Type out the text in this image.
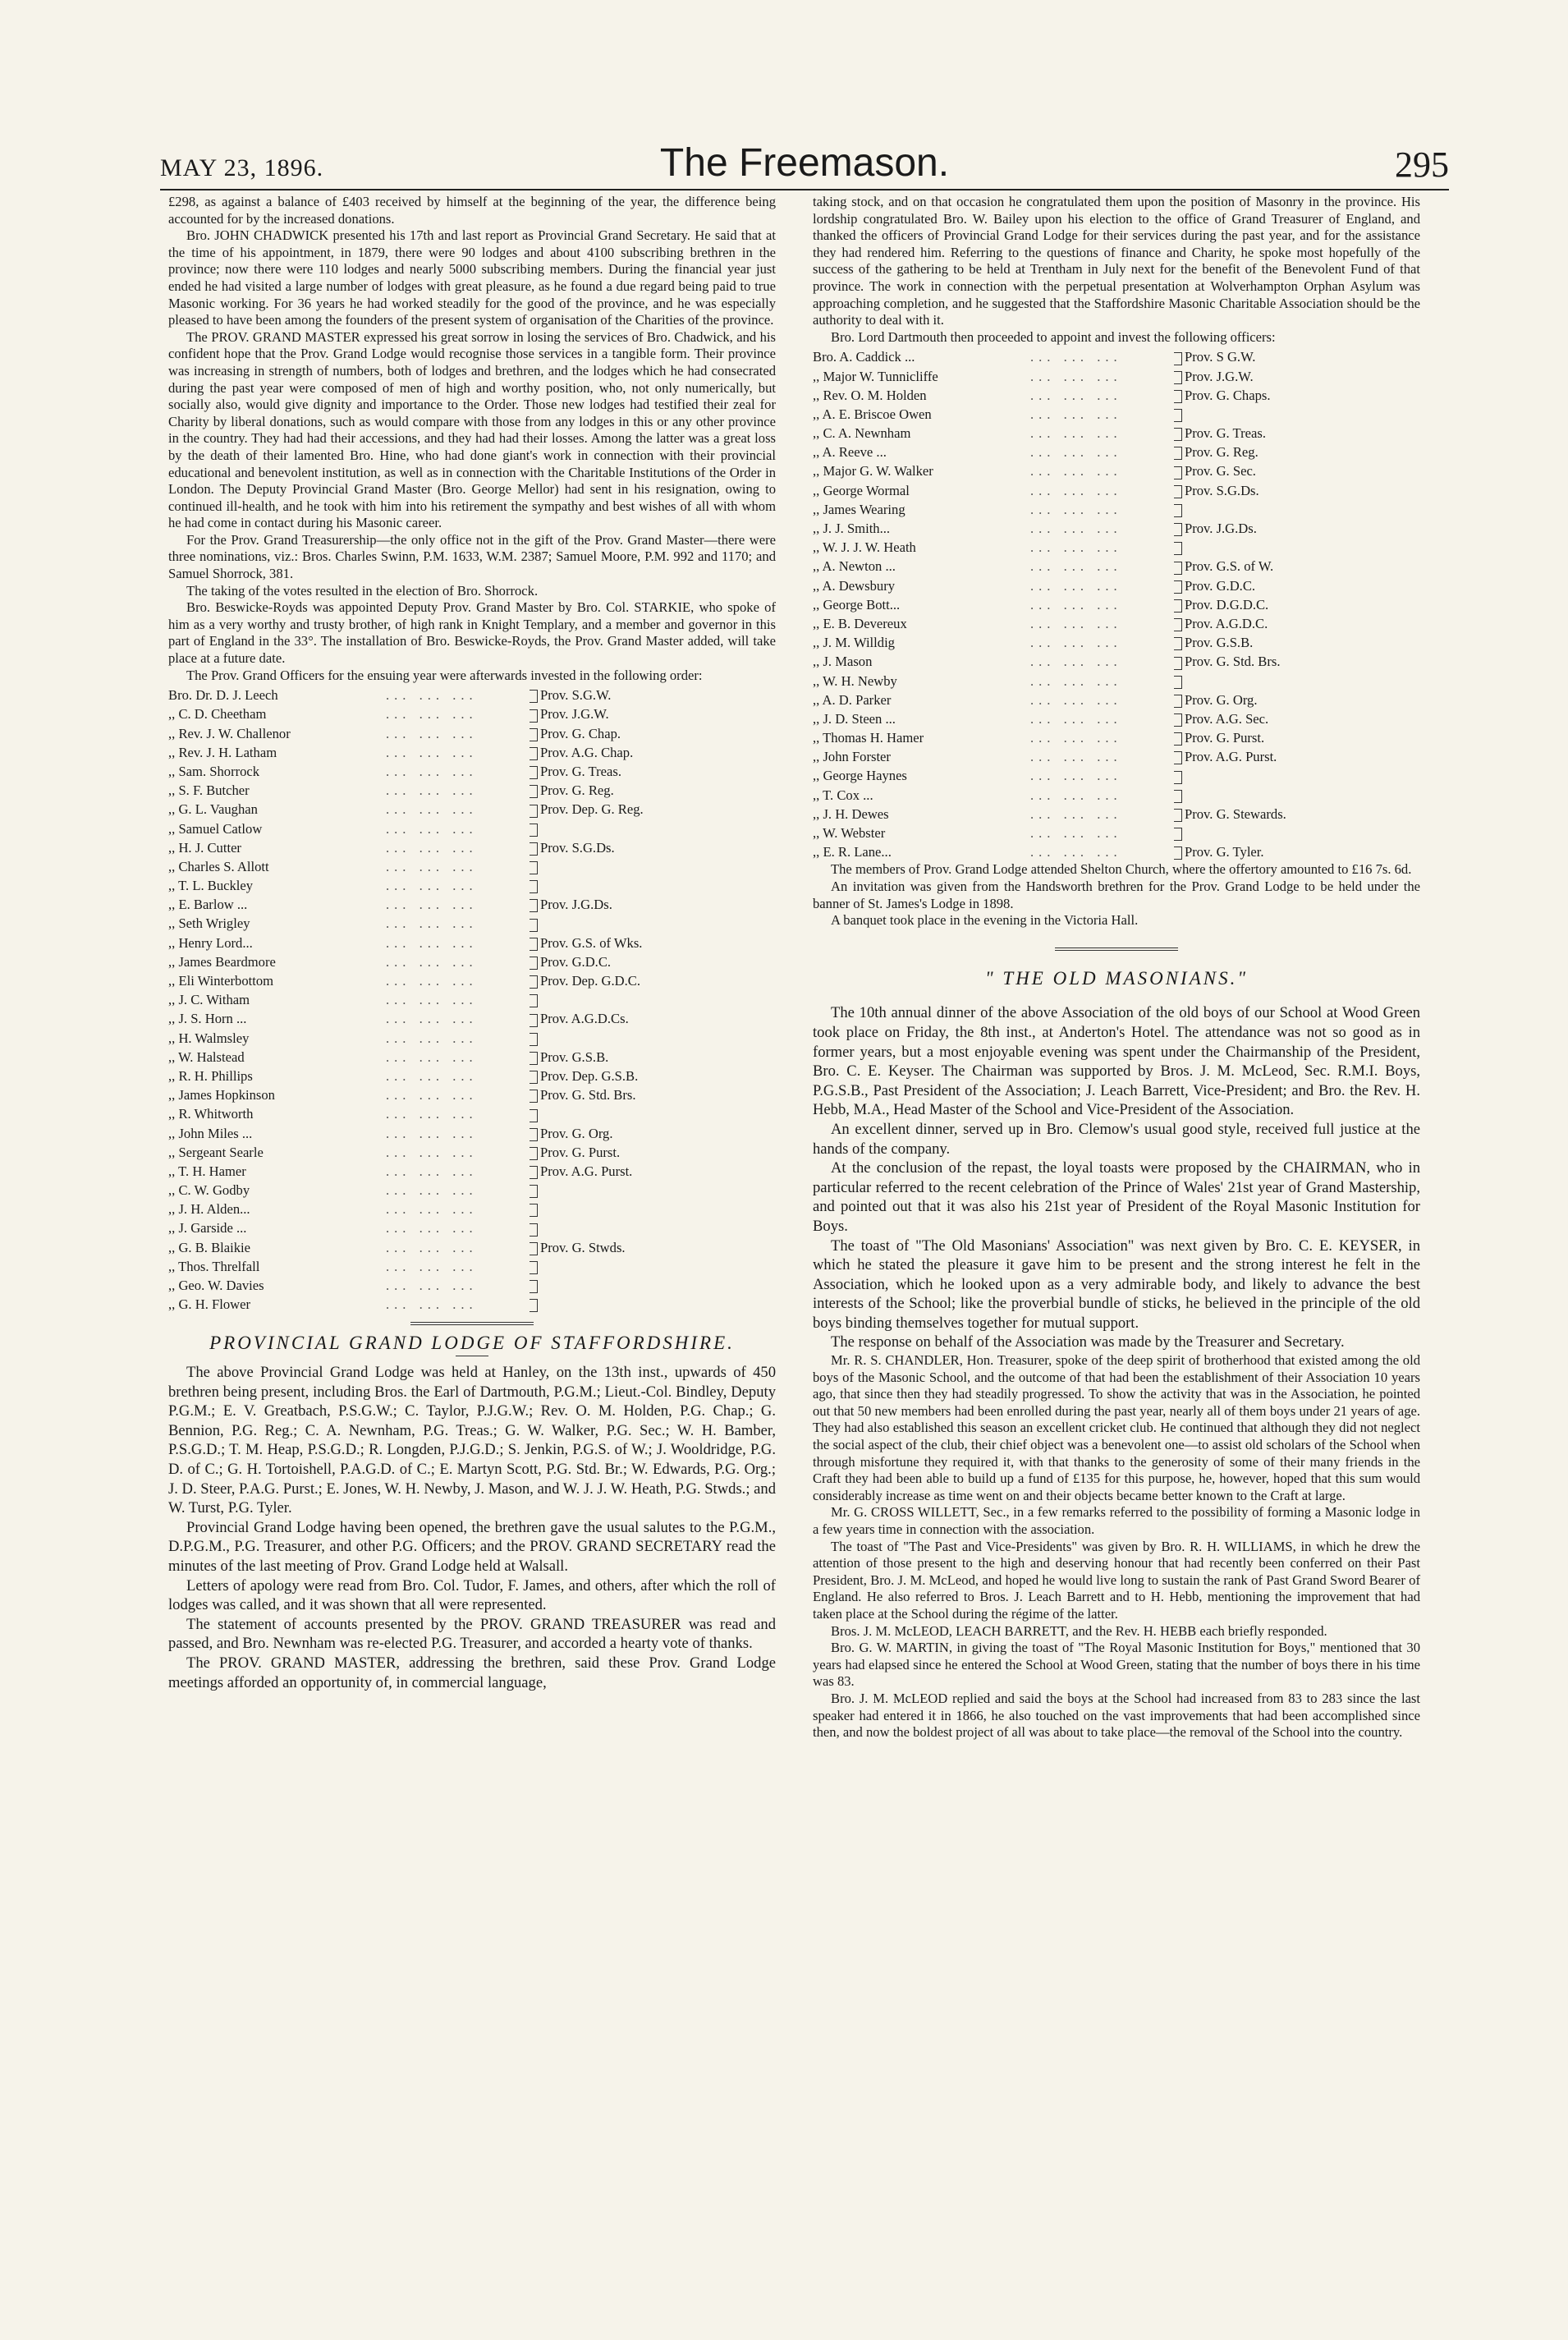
MAY 23, 1896.	The Freemason.	295

£298, as against a balance of £403 received by himself at the beginning of the year, the difference being accounted for by the increased donations.

Bro. JOHN CHADWICK presented his 17th and last report as Provincial Grand Secretary. He said that at the time of his appointment, in 1879, there were 90 lodges and about 4100 subscribing brethren in the province; now there were 110 lodges and nearly 5000 subscribing members. During the financial year just ended he had visited a large number of lodges with great pleasure, as he found a due regard being paid to true Masonic working. For 36 years he had worked steadily for the good of the province, and he was especially pleased to have been among the founders of the present system of organisation of the Charities of the province.

The PROV. GRAND MASTER expressed his great sorrow in losing the services of Bro. Chadwick, and his confident hope that the Prov. Grand Lodge would recognise those services in a tangible form. Their province was increasing in strength of numbers, both of lodges and brethren, and the lodges which he had consecrated during the past year were composed of men of high and worthy position, who, not only numerically, but socially also, would give dignity and importance to the Order. Those new lodges had testified their zeal for Charity by liberal donations, such as would compare with those from any lodges in this or any other province in the country. They had had their accessions, and they had had their losses. Among the latter was a great loss by the death of their lamented Bro. Hine, who had done giant's work in connection with their provincial educational and benevolent institution, as well as in connection with the Charitable Institutions of the Order in London. The Deputy Provincial Grand Master (Bro. George Mellor) had sent in his resignation, owing to continued ill-health, and he took with him into his retirement the sympathy and best wishes of all with whom he had come in contact during his Masonic career.

For the Prov. Grand Treasurership—the only office not in the gift of the Prov. Grand Master—there were three nominations, viz.: Bros. Charles Swinn, P.M. 1633, W.M. 2387; Samuel Moore, P.M. 992 and 1170; and Samuel Shorrock, 381.

The taking of the votes resulted in the election of Bro. Shorrock.

Bro. Beswicke-Royds was appointed Deputy Prov. Grand Master by Bro. Col. STARKIE, who spoke of him as a very worthy and trusty brother, of high rank in Knight Templary, and a member and governor in this part of England in the 33°. The installation of Bro. Beswicke-Royds, the Prov. Grand Master added, will take place at a future date.

The Prov. Grand Officers for the ensuing year were afterwards invested in the following order:

Bro. Dr. D. J. Leech	... ... ...	Prov. S.G.W.
,, C. D. Cheetham	... ... ...	Prov. J.G.W.
,, Rev. J. W. Challenor	... ... ...	Prov. G. Chap.
,, Rev. J. H. Latham	... ... ...	Prov. A.G. Chap.
,, Sam. Shorrock	... ... ...	Prov. G. Treas.
,, S. F. Butcher	... ... ...	Prov. G. Reg.
,, G. L. Vaughan	... ... ...	Prov. Dep. G. Reg.
,, Samuel Catlow	... ... ...
,, H. J. Cutter	... ... ...	Prov. S.G.Ds.
,, Charles S. Allott	... ... ...
,, T. L. Buckley	... ... ...
,, E. Barlow ...	... ... ...	Prov. J.G.Ds.
,, Seth Wrigley	... ... ...
,, Henry Lord...	... ... ...	Prov. G.S. of Wks.
,, James Beardmore	... ... ...	Prov. G.D.C.
,, Eli Winterbottom	... ... ...	Prov. Dep. G.D.C.
,, J. C. Witham	... ... ...
,, J. S. Horn ...	... ... ...	Prov. A.G.D.Cs.
,, H. Walmsley	... ... ...
,, W. Halstead	... ... ...	Prov. G.S.B.
,, R. H. Phillips	... ... ...	Prov. Dep. G.S.B.
,, James Hopkinson	... ... ...	Prov. G. Std. Brs.
,, R. Whitworth	... ... ...
,, John Miles ...	... ... ...	Prov. G. Org.
,, Sergeant Searle	... ... ...	Prov. G. Purst.
,, T. H. Hamer	... ... ...	Prov. A.G. Purst.
,, C. W. Godby	... ... ...
,, J. H. Alden...	... ... ...
,, J. Garside ...	... ... ...
,, G. B. Blaikie	... ... ...	Prov. G. Stwds.
,, Thos. Threlfall	... ... ...
,, Geo. W. Davies	... ... ...
,, G. H. Flower	... ... ...
PROVINCIAL GRAND LODGE OF STAFFORDSHIRE.

The above Provincial Grand Lodge was held at Hanley, on the 13th inst., upwards of 450 brethren being present, including Bros. the Earl of Dartmouth, P.G.M.; Lieut.-Col. Bindley, Deputy P.G.M.; E. V. Greatbach, P.S.G.W.; C. Taylor, P.J.G.W.; Rev. O. M. Holden, P.G. Chap.; G. Bennion, P.G. Reg.; C. A. Newnham, P.G. Treas.; G. W. Walker, P.G. Sec.; W. H. Bamber, P.S.G.D.; T. M. Heap, P.S.G.D.; R. Longden, P.J.G.D.; S. Jenkin, P.G.S. of W.; J. Wooldridge, P.G. D. of C.; G. H. Tortoishell, P.A.G.D. of C.; E. Martyn Scott, P.G. Std. Br.; W. Edwards, P.G. Org.; J. D. Steer, P.A.G. Purst.; E. Jones, W. H. Newby, J. Mason, and W. J. J. W. Heath, P.G. Stwds.; and W. Turst, P.G. Tyler.

Provincial Grand Lodge having been opened, the brethren gave the usual salutes to the P.G.M., D.P.G.M., P.G. Treasurer, and other P.G. Officers; and the PROV. GRAND SECRETARY read the minutes of the last meeting of Prov. Grand Lodge held at Walsall.

Letters of apology were read from Bro. Col. Tudor, F. James, and others, after which the roll of lodges was called, and it was shown that all were represented.

The statement of accounts presented by the PROV. GRAND TREASURER was read and passed, and Bro. Newnham was re-elected P.G. Treasurer, and accorded a hearty vote of thanks.

The PROV. GRAND MASTER, addressing the brethren, said these Prov. Grand Lodge meetings afforded an opportunity of, in commercial language,

taking stock, and on that occasion he congratulated them upon the position of Masonry in the province. His lordship congratulated Bro. W. Bailey upon his election to the office of Grand Treasurer of England, and thanked the officers of Provincial Grand Lodge for their services during the past year, and for the assistance they had rendered him. Referring to the questions of finance and Charity, he spoke most hopefully of the success of the gathering to be held at Trentham in July next for the benefit of the Benevolent Fund of that province. The work in connection with the perpetual presentation at Wolverhampton Orphan Asylum was approaching completion, and he suggested that the Staffordshire Masonic Charitable Association should be the authority to deal with it.

Bro. Lord Dartmouth then proceeded to appoint and invest the following officers:

Bro. A. Caddick ...	... ... ...	Prov. S G.W.
,, Major W. Tunnicliffe	... ... ...	Prov. J.G.W.
,, Rev. O. M. Holden	... ... ...	Prov. G. Chaps.
,, A. E. Briscoe Owen	... ... ...
,, C. A. Newnham	... ... ...	Prov. G. Treas.
,, A. Reeve ...	... ... ...	Prov. G. Reg.
,, Major G. W. Walker	... ... ...	Prov. G. Sec.
,, George Wormal	... ... ...	Prov. S.G.Ds.
,, James Wearing	... ... ...
,, J. J. Smith...	... ... ...	Prov. J.G.Ds.
,, W. J. J. W. Heath	... ... ...
,, A. Newton ...	... ... ...	Prov. G.S. of W.
,, A. Dewsbury	... ... ...	Prov. G.D.C.
,, George Bott...	... ... ...	Prov. D.G.D.C.
,, E. B. Devereux	... ... ...	Prov. A.G.D.C.
,, J. M. Willdig	... ... ...	Prov. G.S.B.
,, J. Mason	... ... ...	Prov. G. Std. Brs.
,, W. H. Newby	... ... ...
,, A. D. Parker	... ... ...	Prov. G. Org.
,, J. D. Steen ...	... ... ...	Prov. A.G. Sec.
,, Thomas H. Hamer	... ... ...	Prov. G. Purst.
,, John Forster	... ... ...	Prov. A.G. Purst.
,, George Haynes	... ... ...
,, T. Cox ...	... ... ...
,, J. H. Dewes	... ... ...	Prov. G. Stewards.
,, W. Webster	... ... ...
,, E. R. Lane...	... ... ...	Prov. G. Tyler.

The members of Prov. Grand Lodge attended Shelton Church, where the offertory amounted to £16 7s. 6d.

An invitation was given from the Handsworth brethren for the Prov. Grand Lodge to be held under the banner of St. James's Lodge in 1898.

A banquet took place in the evening in the Victoria Hall.

" THE OLD MASONIANS."

The 10th annual dinner of the above Association of the old boys of our School at Wood Green took place on Friday, the 8th inst., at Anderton's Hotel. The attendance was not so good as in former years, but a most enjoyable evening was spent under the Chairmanship of the President, Bro. C. E. Keyser. The Chairman was supported by Bros. J. M. McLeod, Sec. R.M.I. Boys, P.G.S.B., Past President of the Association; J. Leach Barrett, Vice-President; and Bro. the Rev. H. Hebb, M.A., Head Master of the School and Vice-President of the Association.

An excellent dinner, served up in Bro. Clemow's usual good style, received full justice at the hands of the company.

At the conclusion of the repast, the loyal toasts were proposed by the CHAIRMAN, who in particular referred to the recent celebration of the Prince of Wales' 21st year of Grand Mastership, and pointed out that it was also his 21st year of President of the Royal Masonic Institution for Boys.

The toast of "The Old Masonians' Association" was next given by Bro. C. E. KEYSER, in which he stated the pleasure it gave him to be present and the strong interest he felt in the Association, which he looked upon as a very admirable body, and likely to advance the best interests of the School; like the proverbial bundle of sticks, he believed in the principle of the old boys binding themselves together for mutual support.

The response on behalf of the Association was made by the Treasurer and Secretary.

Mr. R. S. CHANDLER, Hon. Treasurer, spoke of the deep spirit of brotherhood that existed among the old boys of the Masonic School, and the outcome of that had been the establishment of their Association 10 years ago, that since then they had steadily progressed. To show the activity that was in the Association, he pointed out that 50 new members had been enrolled during the past year, nearly all of them boys under 21 years of age. They had also established this season an excellent cricket club. He continued that although they did not neglect the social aspect of the club, their chief object was a benevolent one—to assist old scholars of the School when through misfortune they required it, with that thanks to the generosity of some of their many friends in the Craft they had been able to build up a fund of £135 for this purpose, he, however, hoped that this sum would considerably increase as time went on and their objects became better known to the Craft at large.

Mr. G. CROSS WILLETT, Sec., in a few remarks referred to the possibility of forming a Masonic lodge in a few years time in connection with the association.

The toast of "The Past and Vice-Presidents" was given by Bro. R. H. WILLIAMS, in which he drew the attention of those present to the high and deserving honour that had recently been conferred on their Past President, Bro. J. M. McLeod, and hoped he would live long to sustain the rank of Past Grand Sword Bearer of England. He also referred to Bros. J. Leach Barrett and to H. Hebb, mentioning the improvement that had taken place at the School during the régime of the latter.

Bros. J. M. McLEOD, LEACH BARRETT, and the Rev. H. HEBB each briefly responded.

Bro. G. W. MARTIN, in giving the toast of "The Royal Masonic Institution for Boys," mentioned that 30 years had elapsed since he entered the School at Wood Green, stating that the number of boys there in his time was 83.

Bro. J. M. McLEOD replied and said the boys at the School had increased from 83 to 283 since the last speaker had entered it in 1866, he also touched on the vast improvements that had been accomplished since then, and now the boldest project of all was about to take place—the removal of the School into the country.
